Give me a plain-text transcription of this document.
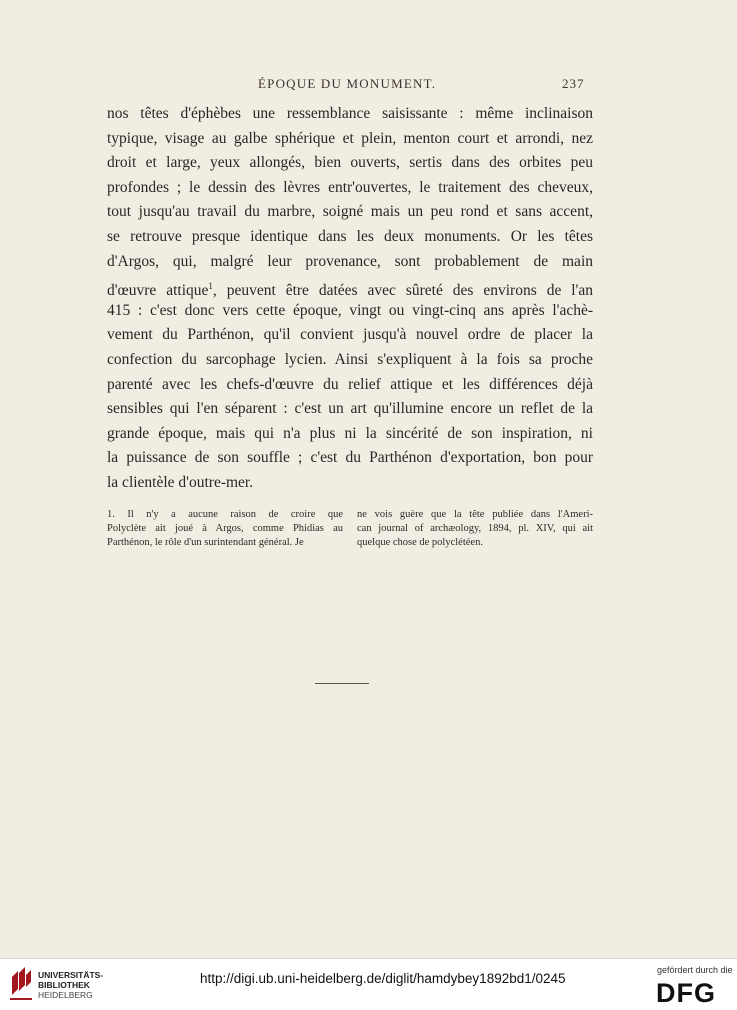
ÉPOQUE DU MONUMENT.	237
nos têtes d'éphèbes une ressemblance saisissante : même inclinaison
typique, visage au galbe sphérique et plein, menton court et arrondi, nez
droit et large, yeux allongés, bien ouverts, sertis dans des orbites peu
profondes ; le dessin des lèvres entr'ouvertes, le traitement des cheveux,
tout jusqu'au travail du marbre, soigné mais un peu rond et sans accent,
se retrouve presque identique dans les deux monuments. Or les têtes
d'Argos, qui, malgré leur provenance, sont probablement de main
d'œuvre attique$^1$, peuvent être datées avec sûreté des environs de l'an
415 : c'est donc vers cette époque, vingt ou vingt-cinq ans après l'achè-
vement du Parthénon, qu'il convient jusqu'à nouvel ordre de placer la
confection du sarcophage lycien. Ainsi s'expliquent à la fois sa proche
parenté avec les chefs-d'œuvre du relief attique et les différences déjà
sensibles qui l'en séparent : c'est un art qu'illumine encore un reflet de la
grande époque, mais qui n'a plus ni la sincérité de son inspiration, ni
la puissance de son souffle ; c'est du Parthénon d'exportation, bon pour
la clientèle d'outre-mer.
1. Il n'y a aucune raison de croire que
Polyclète ait joué à Argos, comme Phidias au
Parthénon, le rôle d'un surintendant général. Je
ne vois guère que la tête publiée dans l'Ameri-
can journal of archæology, 1894, pl. XIV, qui ait
quelque chose de polyclétéen.
UNIVERSITÄTS-
BIBLIOTHEK
HEIDELBERG
http://digi.ub.uni-heidelberg.de/diglit/hamdybey1892bd1/0245
gefördert durch die
DFG
